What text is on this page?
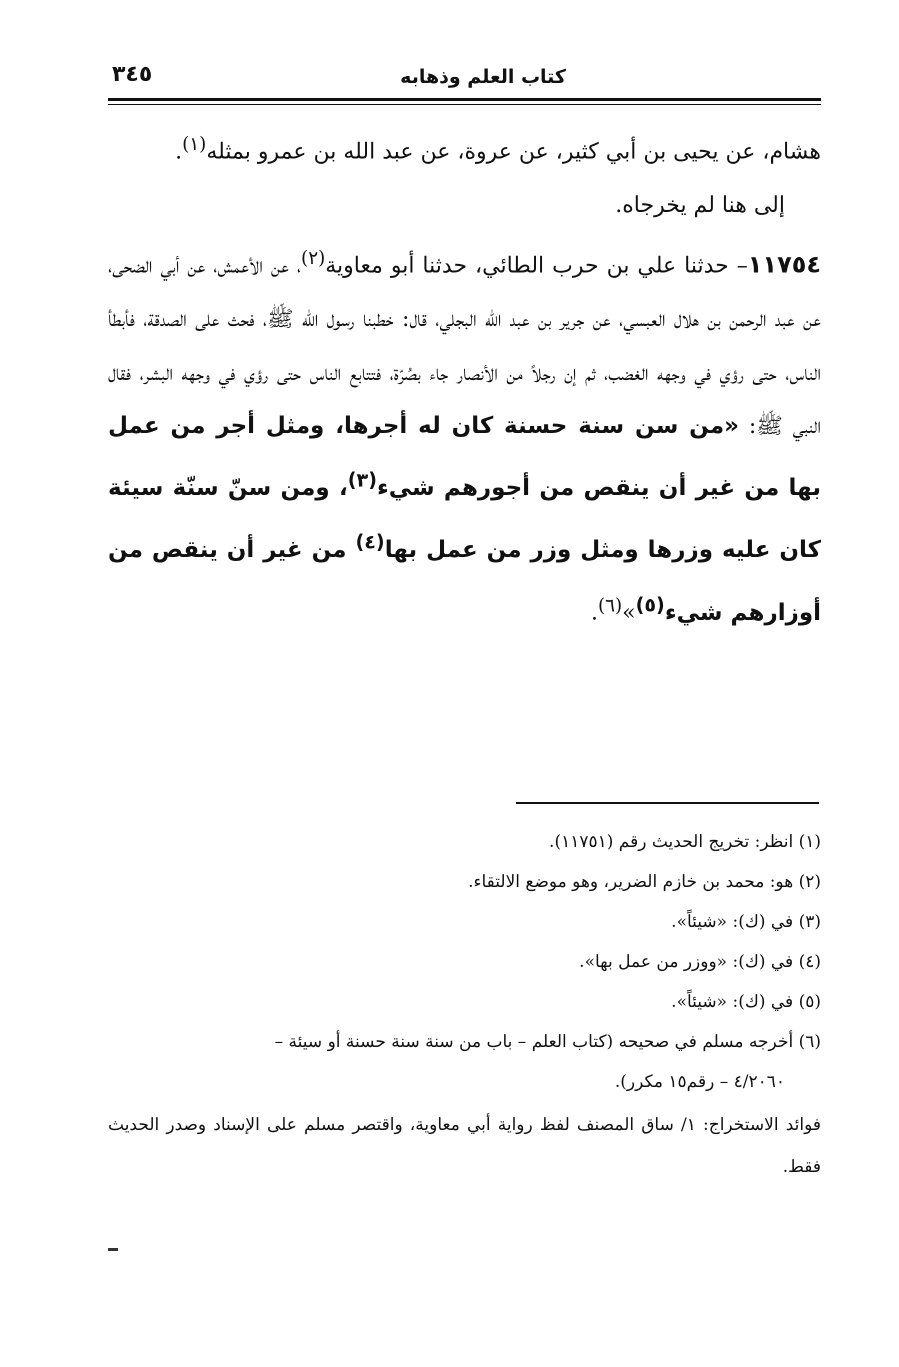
كتاب العلم وذهابه
٣٤٥

هشام، عن يحيى بن أبي كثير، عن عروة، عن عبد الله بن عمرو بمثله$^{(١)}$.

إلى هنا لم يخرجاه.

١١٧٥٤– حدثنا علي بن حرب الطائي، حدثنا أبو معاوية$^{(٢)}$، عن الأعمش، عن أبي الضحى، عن عبد الرحمن بن هلال العبسي، عن جرير بن عبد الله البجلي، قال: خطبنا رسول الله ﷺ، فحث على الصدقة، فأبطأ الناس، حتى رؤي في وجهه الغضب، ثم إن رجلاً من الأنصار جاء بصُرّة، فتتابع الناس حتى رؤي في وجهه البشر، فقال النبي ﷺ: «من سن سنة حسنة كان له أجرها، ومثل أجر من عمل بها من غير أن ينقص من أجورهم شيء$^{(٣)}$، ومن سنّ سنّة سيئة كان عليه وزرها ومثل وزر من عمل بها$^{(٤)}$ من غير أن ينقص من أوزارهم شيء$^{(٥)}$»$^{(٦)}$.

(١) انظر: تخريج الحديث رقم (١١٧٥١).

(٢) هو: محمد بن خازم الضرير، وهو موضع الالتقاء.

(٣) في (ك): «شيئاً».

(٤) في (ك): «ووزر من عمل بها».

(٥) في (ك): «شيئاً».

(٦) أخرجه مسلم في صحيحه (كتاب العلم – باب من سنة سنة حسنة أو سيئة –

٤/٢٠٦٠ – رقم١٥ مكرر).

فوائد الاستخراج: ١/ ساق المصنف لفظ رواية أبي معاوية، واقتصر مسلم على الإسناد وصدر الحديث فقط.
